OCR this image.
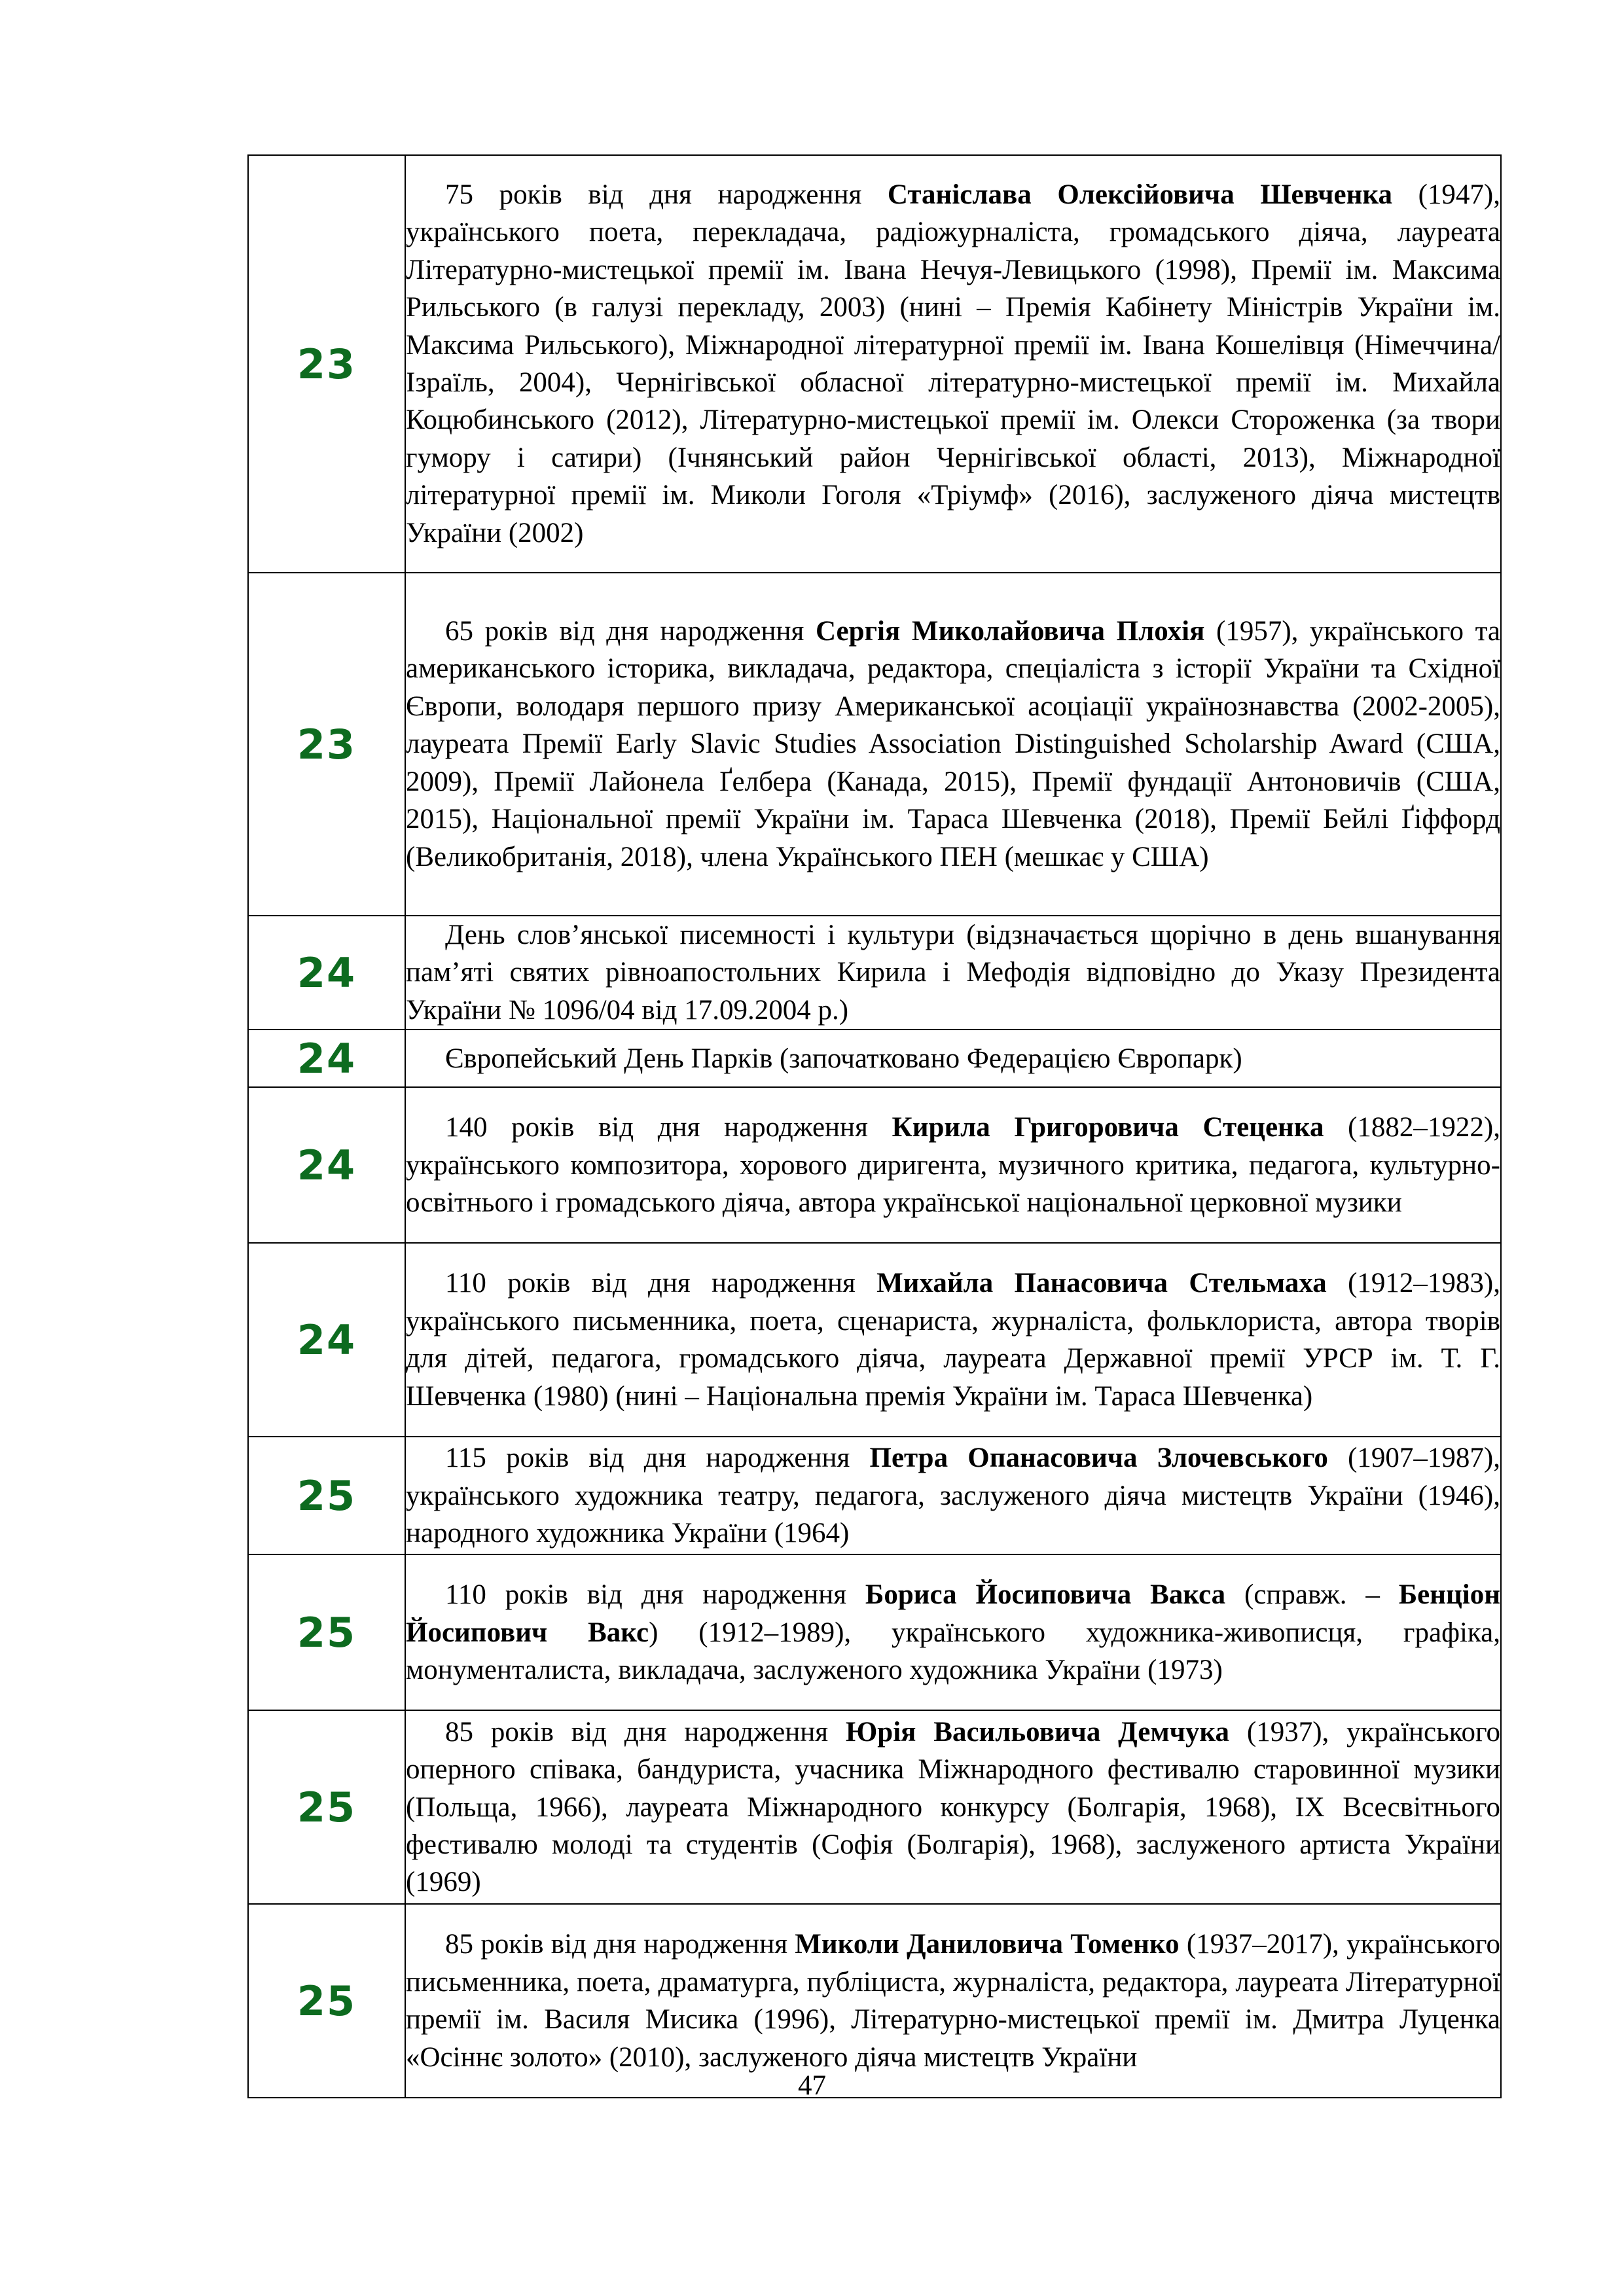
23	75 років від дня народження Станіслава Олексійовича Шевченка (1947), українського поета, перекладача, радіожурналіста, громадського діяча, лауреата Літературно-мистецької премії ім. Івана Нечуя-Левицького (1998), Премії ім. Максима Рильського (в галузі перекладу, 2003) (нині – Премія Кабінету Міністрів України ім. Максима Рильського), Міжнародної літературної премії ім. Івана Кошелівця (Німеччина/Ізраїль, 2004), Чернігівської обласної літературно-мистецької премії ім. Михайла Коцюбинського (2012), Літературно-мистецької премії ім. Олекси Стороженка (за твори гумору і сатири) (Ічнянський район Чернігівської області, 2013), Міжнародної літературної премії ім. Миколи Гоголя «Тріумф» (2016), заслуженого діяча мистецтв України (2002)

23	65 років від дня народження Сергія Миколайовича Плохія (1957), українського та американського історика, викладача, редактора, спеціаліста з історії України та Східної Європи, володаря першого призу Американської асоціації українознавства (2002-2005), лауреата Премії Early Slavic Studies Association Distinguished Scholarship Award (США, 2009), Премії Лайонела Ґелбера (Канада, 2015), Премії фундації Антоновичів (США, 2015), Національної премії України ім. Тараса Шевченка (2018), Премії Бейлі Ґіффорд (Великобританія, 2018), члена Українського ПЕН (мешкає у США)

24	День слов’янської писемності і культури (відзначається щорічно в день вшанування пам’яті святих рівноапостольних Кирила і Мефодія відповідно до Указу Президента України № 1096/04 від 17.09.2004 р.)

24	Європейський День Парків (започатковано Федерацією Європарк)

24	140 років від дня народження Кирила Григоровича Стеценка (1882–1922), українського композитора, хорового диригента, музичного критика, педагога, культурно-освітнього і громадського діяча, автора української національної церковної музики

24	110 років від дня народження Михайла Панасовича Стельмаха (1912–1983), українського письменника, поета, сценариста, журналіста, фольклориста, автора творів для дітей, педагога, громадського діяча, лауреата Державної премії УРСР ім. Т. Г. Шевченка (1980) (нині – Національна премія України ім. Тараса Шевченка)

25	115 років від дня народження Петра Опанасовича Злочевського (1907–1987), українського художника театру, педагога, заслуженого діяча мистецтв України (1946), народного художника України (1964)

25	110 років від дня народження Бориса Йосиповича Вакса (справж. – Бенціон Йосипович Вакс) (1912–1989), українського художника-живописця, графіка, монументалиста, викладача, заслуженого художника України (1973)

25	85 років від дня народження Юрія Васильовича Демчука (1937), українського оперного співака, бандуриста, учасника Міжнародного фестивалю старовинної музики (Польща, 1966), лауреата Міжнародного конкурсу (Болгарія, 1968), IX Всесвітнього фестивалю молоді та студентів (Софія (Болгарія), 1968), заслуженого артиста України (1969)

25	85 років від дня народження Миколи Даниловича Томенко (1937–2017), українського письменника, поета, драматурга, публіциста, журналіста, редактора, лауреата Літературної премії ім. Василя Мисика (1996), Літературно-мистецької премії ім. Дмитра Луценка «Осіннє золото» (2010), заслуженого діяча мистецтв України

47
